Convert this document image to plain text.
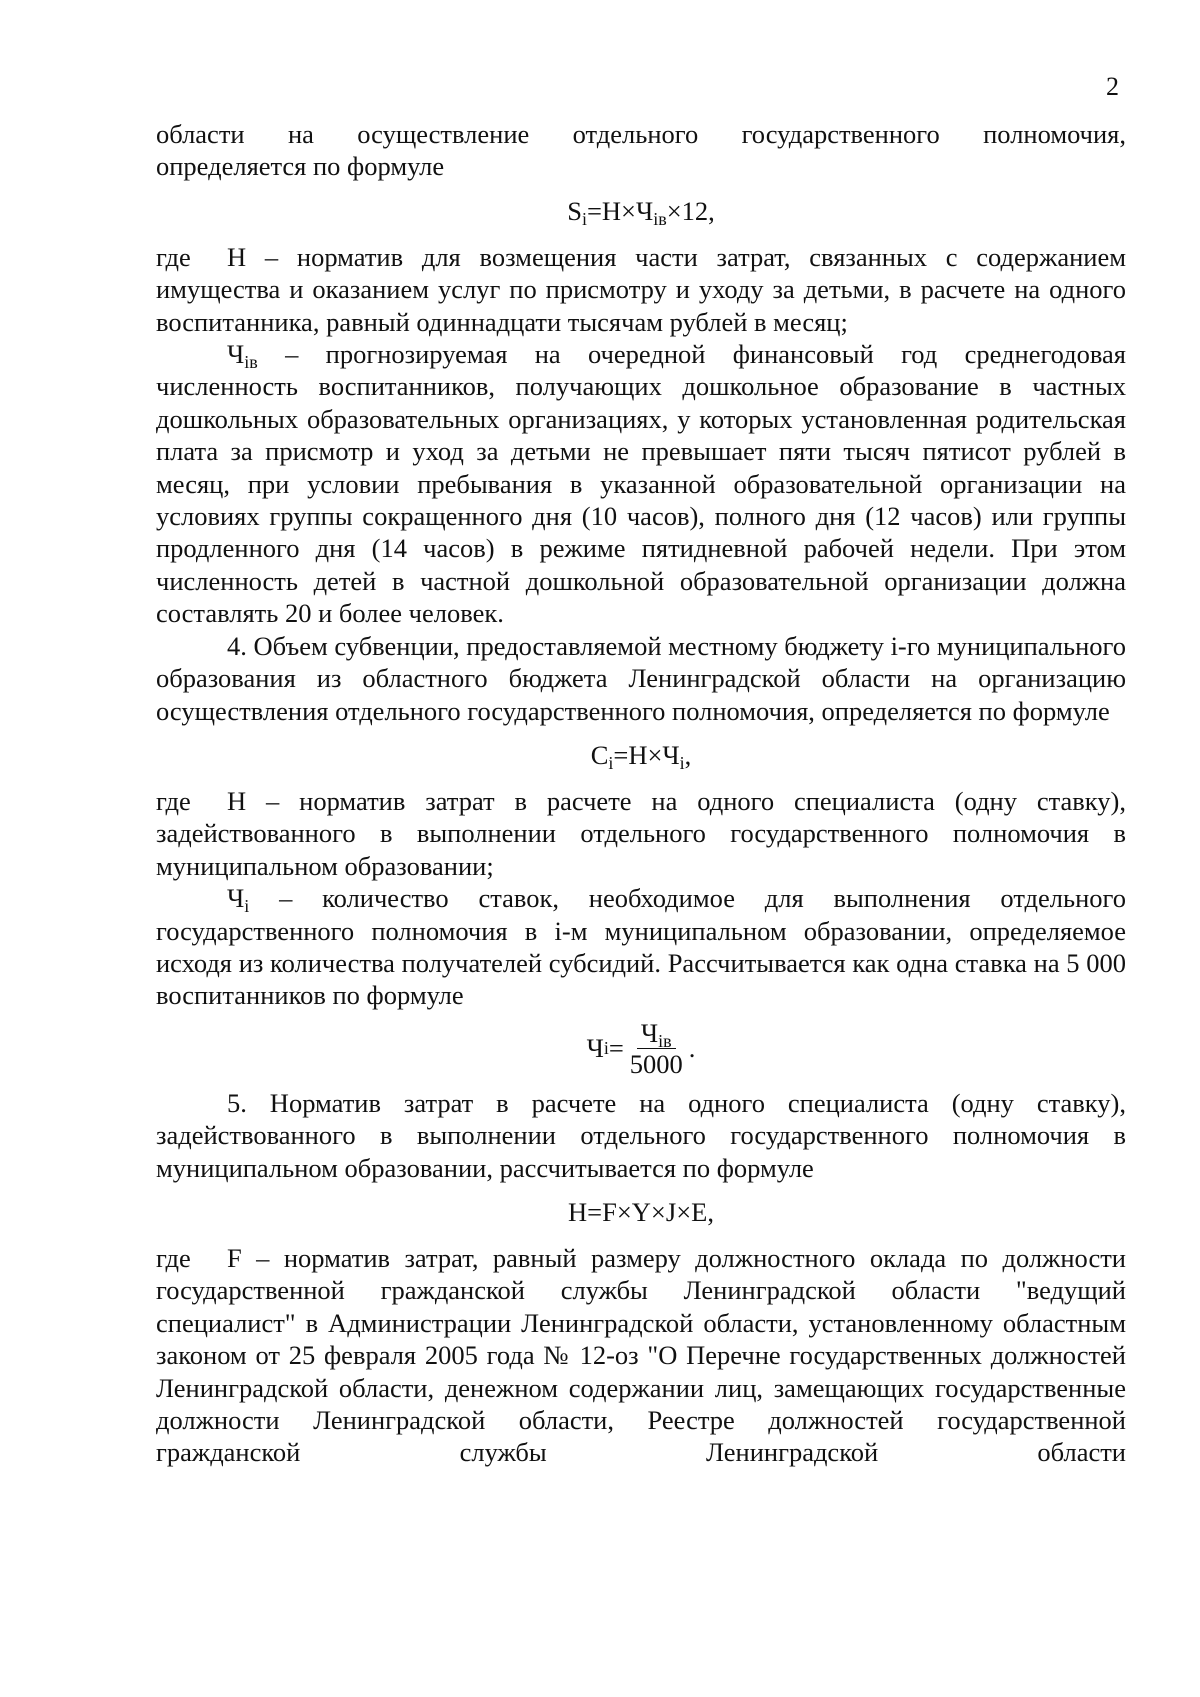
2

области на осуществление отдельного государственного полномочия,

определяется по формуле

$S_i=Н\times Ч_{iв}\times 12$,

где Н – норматив для возмещения части затрат, связанных с содержанием имущества и оказанием услуг по присмотру и уходу за детьми, в расчете на одного воспитанника, равный одиннадцати тысячам рублей в месяц;

$Ч_{iв}$ – прогнозируемая на очередной финансовый год среднегодовая численность воспитанников, получающих дошкольное образование в частных дошкольных образовательных организациях, у которых установленная родительская плата за присмотр и уход за детьми не превышает пяти тысяч пятисот рублей в месяц, при условии пребывания в указанной образовательной организации на условиях группы сокращенного дня (10 часов), полного дня (12 часов) или группы продленного дня (14 часов) в режиме пятидневной рабочей недели. При этом численность детей в частной дошкольной образовательной организации должна составлять 20 и более человек.

4. Объем субвенции, предоставляемой местному бюджету i-го муниципального образования из областного бюджета Ленинградской области на организацию осуществления отдельного государственного полномочия, определяется по формуле

$C_i=Н\times Ч_i$,

где Н – норматив затрат в расчете на одного специалиста (одну ставку), задействованного в выполнении отдельного государственного полномочия в муниципальном образовании;

$Ч_i$ – количество ставок, необходимое для выполнения отдельного государственного полномочия в i-м муниципальном образовании, определяемое исходя из количества получателей субсидий. Рассчитывается как одна ставка на 5 000 воспитанников по формуле

Ч $i = \frac{Ч_{iв}}{5000}$ .

5. Норматив затрат в расчете на одного специалиста (одну ставку), задействованного в выполнении отдельного государственного полномочия в муниципальном образовании, рассчитывается по формуле

Н=F×Y×J×E,

где F – норматив затрат, равный размеру должностного оклада по должности государственной гражданской службы Ленинградской области "ведущий специалист" в Администрации Ленинградской области, установленному областным законом от 25 февраля 2005 года № 12-оз "О Перечне государственных должностей Ленинградской области, денежном содержании лиц, замещающих государственные должности Ленинградской области, Реестре должностей государственной гражданской службы Ленинградской области
